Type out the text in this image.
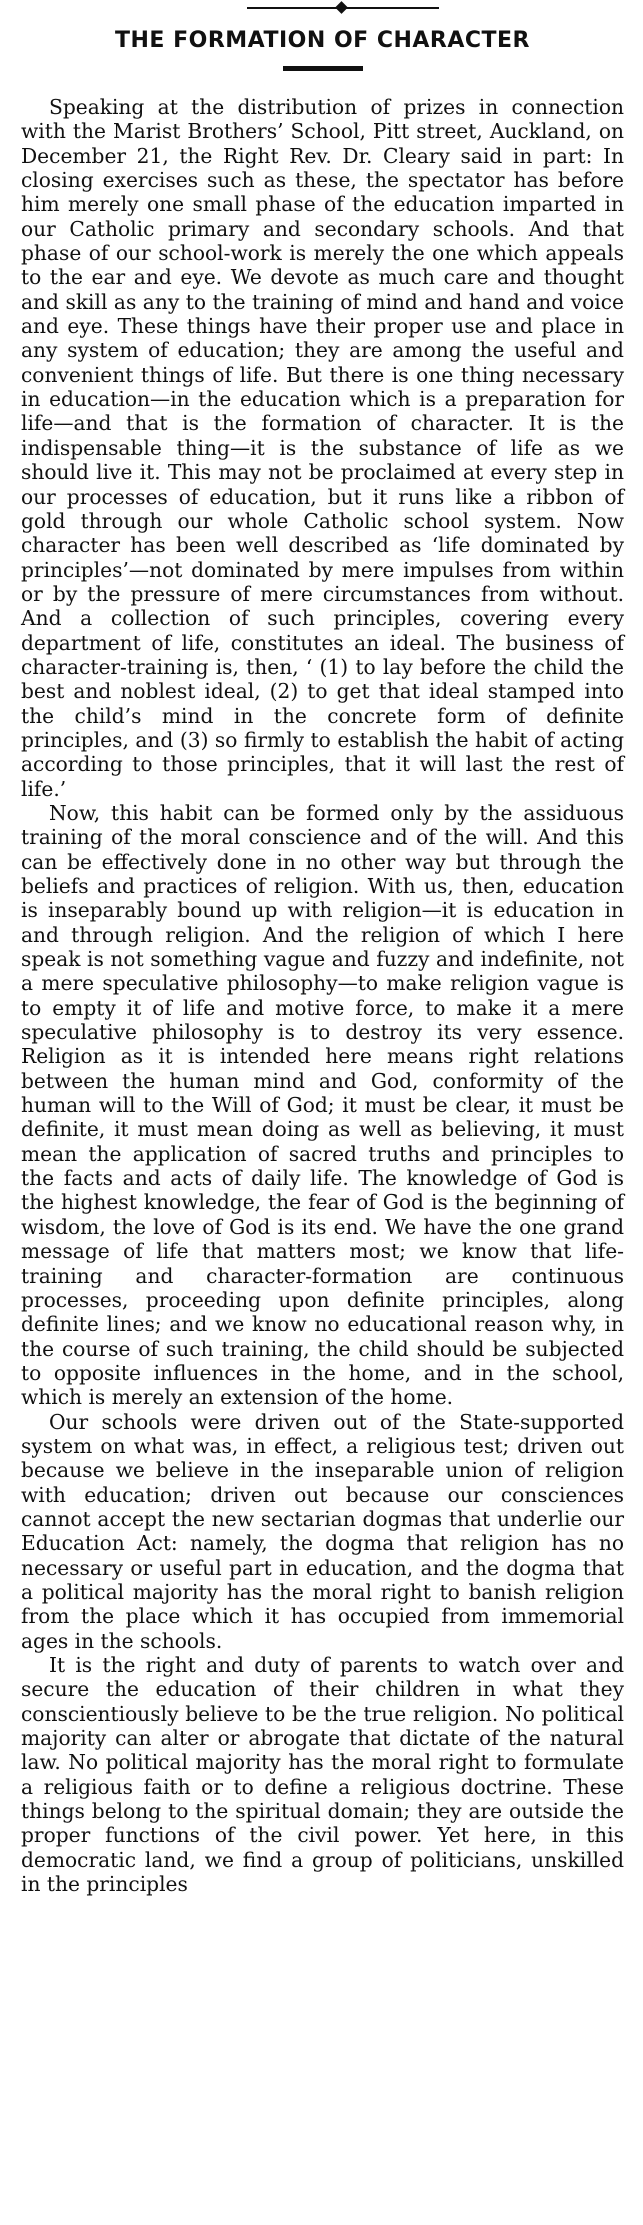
THE FORMATION OF CHARACTER

Speaking at the distribution of prizes in connection with the Marist Brothers’ School, Pitt street, Auckland, on December 21, the Right Rev. Dr. Cleary said in part: In closing exercises such as these, the spectator has before him merely one small phase of the education imparted in our Catholic primary and secondary schools. And that phase of our school-work is merely the one which appeals to the ear and eye. We devote as much care and thought and skill as any to the training of mind and hand and voice and eye. These things have their proper use and place in any system of education; they are among the useful and convenient things of life. But there is one thing necessary in education—in the education which is a preparation for life—and that is the formation of character. It is the indispensable thing—it is the substance of life as we should live it. This may not be proclaimed at every step in our processes of education, but it runs like a ribbon of gold through our whole Catholic school system. Now character has been well described as ‘life dominated by principles’—not dominated by mere impulses from within or by the pressure of mere circumstances from without. And a collection of such principles, covering every department of life, constitutes an ideal. The business of character-training is, then, ‘ (1) to lay before the child the best and noblest ideal, (2) to get that ideal stamped into the child’s mind in the concrete form of definite principles, and (3) so firmly to establish the habit of acting according to those principles, that it will last the rest of life.’

Now, this habit can be formed only by the assiduous training of the moral conscience and of the will. And this can be effectively done in no other way but through the beliefs and practices of religion. With us, then, education is inseparably bound up with religion—it is education in and through religion. And the religion of which I here speak is not something vague and fuzzy and indefinite, not a mere speculative philosophy—to make religion vague is to empty it of life and motive force, to make it a mere speculative philosophy is to destroy its very essence. Religion as it is intended here means right relations between the human mind and God, conformity of the human will to the Will of God; it must be clear, it must be definite, it must mean doing as well as believing, it must mean the application of sacred truths and principles to the facts and acts of daily life. The knowledge of God is the highest knowledge, the fear of God is the beginning of wisdom, the love of God is its end. We have the one grand message of life that matters most; we know that life-training and character-formation are continuous processes, proceeding upon definite principles, along definite lines; and we know no educational reason why, in the course of such training, the child should be subjected to opposite influences in the home, and in the school, which is merely an extension of the home.

Our schools were driven out of the State-supported system on what was, in effect, a religious test; driven out because we believe in the inseparable union of religion with education; driven out because our consciences cannot accept the new sectarian dogmas that underlie our Education Act: namely, the dogma that religion has no necessary or useful part in education, and the dogma that a political majority has the moral right to banish religion from the place which it has occupied from immemorial ages in the schools.

It is the right and duty of parents to watch over and secure the education of their children in what they conscientiously believe to be the true religion. No political majority can alter or abrogate that dictate of the natural law. No political majority has the moral right to formulate a religious faith or to define a religious doctrine. These things belong to the spiritual domain; they are outside the proper functions of the civil power. Yet here, in this democratic land, we find a group of politicians, unskilled in the principles
